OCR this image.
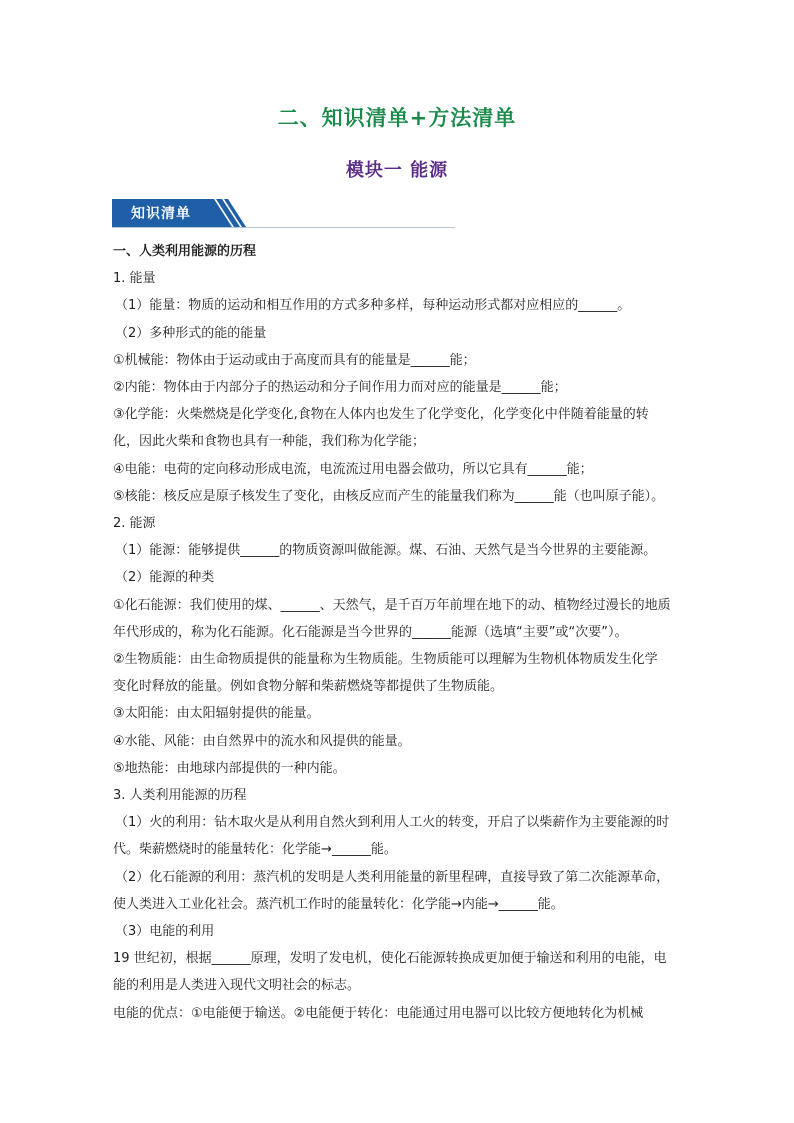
二、知识清单+方法清单
模块一 能源
知识清单
一、人类利用能源的历程
1. 能量
（1）能量：物质的运动和相互作用的方式多种多样，每种运动形式都对应相应的______。
（2）多种形式的能的能量
①机械能：物体由于运动或由于高度而具有的能量是______能；
②内能：物体由于内部分子的热运动和分子间作用力而对应的能量是______能；
③化学能：火柴燃烧是化学变化,食物在人体内也发生了化学变化，化学变化中伴随着能量的转
化，因此火柴和食物也具有一种能，我们称为化学能；
④电能：电荷的定向移动形成电流，电流流过用电器会做功，所以它具有______能；
⑤核能：核反应是原子核发生了变化，由核反应而产生的能量我们称为______能（也叫原子能）。
2. 能源
（1）能源：能够提供______的物质资源叫做能源。煤、石油、天然气是当今世界的主要能源。
（2）能源的种类
①化石能源：我们使用的煤、______、天然气，是千百万年前埋在地下的动、植物经过漫长的地质
年代形成的，称为化石能源。化石能源是当今世界的______能源（选填“主要”或“次要”）。
②生物质能：由生命物质提供的能量称为生物质能。生物质能可以理解为生物机体物质发生化学
变化时释放的能量。例如食物分解和柴薪燃烧等都提供了生物质能。
③太阳能：由太阳辐射提供的能量。
④水能、风能：由自然界中的流水和风提供的能量。
⑤地热能：由地球内部提供的一种内能。
3. 人类利用能源的历程
（1）火的利用：钻木取火是从利用自然火到利用人工火的转变，开启了以柴薪作为主要能源的时
代。柴薪燃烧时的能量转化：化学能→______能。
（2）化石能源的利用：蒸汽机的发明是人类利用能量的新里程碑，直接导致了第二次能源革命，
使人类进入工业化社会。蒸汽机工作时的能量转化：化学能→内能→______能。
（3）电能的利用
19 世纪初，根据______原理，发明了发电机，使化石能源转换成更加便于输送和利用的电能，电
能的利用是人类进入现代文明社会的标志。
电能的优点：①电能便于输送。②电能便于转化：电能通过用电器可以比较方便地转化为机械
